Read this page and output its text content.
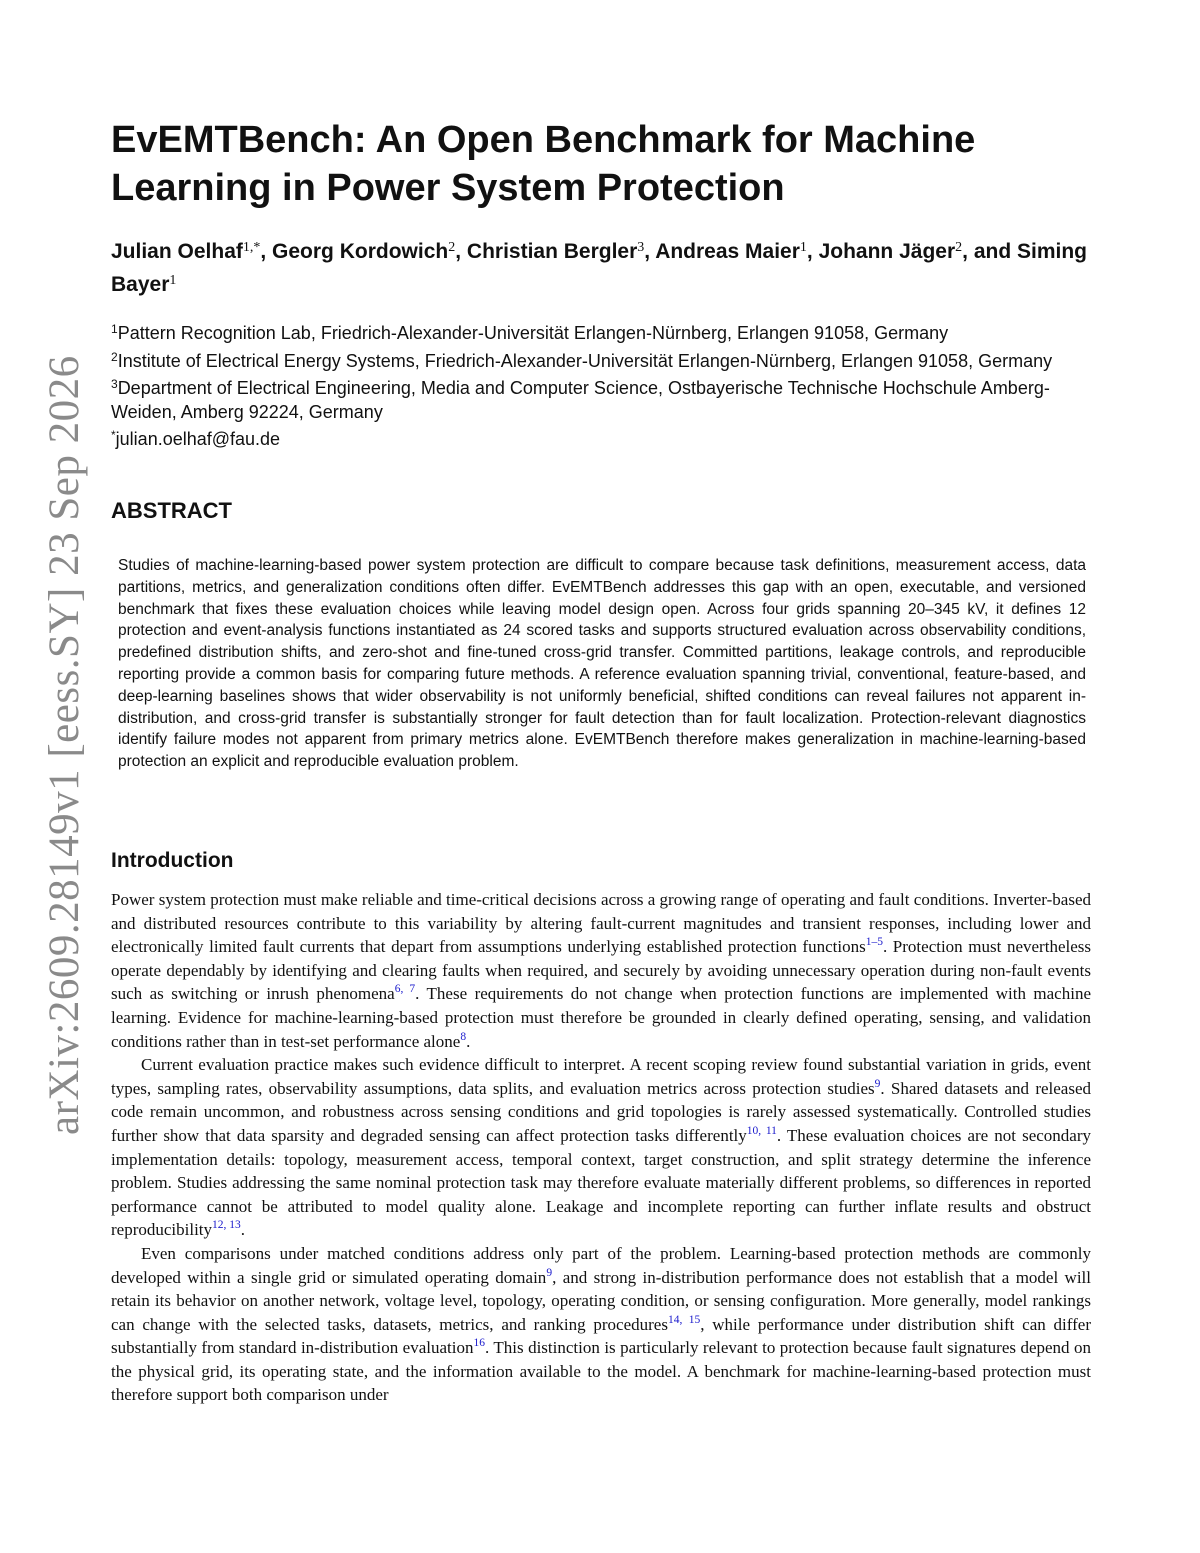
arXiv:2609.28149v1 [eess.SY] 23 Sep 2026
EvEMTBench: An Open Benchmark for Machine Learning in Power System Protection
Julian Oelhaf$^{1,*}$, Georg Kordowich$^2$, Christian Bergler$^3$, Andreas Maier$^1$, Johann Jäger$^2$, and Siming Bayer$^1$
$^1$Pattern Recognition Lab, Friedrich-Alexander-Universität Erlangen-Nürnberg, Erlangen 91058, Germany
$^2$Institute of Electrical Energy Systems, Friedrich-Alexander-Universität Erlangen-Nürnberg, Erlangen 91058, Germany
$^3$Department of Electrical Engineering, Media and Computer Science, Ostbayerische Technische Hochschule Amberg-Weiden, Amberg 92224, Germany
*julian.oelhaf@fau.de
ABSTRACT

Studies of machine-learning-based power system protection are difficult to compare because task definitions, measurement access, data partitions, metrics, and generalization conditions often differ. EvEMTBench addresses this gap with an open, executable, and versioned benchmark that fixes these evaluation choices while leaving model design open. Across four grids spanning 20–345 kV, it defines 12 protection and event-analysis functions instantiated as 24 scored tasks and supports structured evaluation across observability conditions, predefined distribution shifts, and zero-shot and fine-tuned cross-grid transfer. Committed partitions, leakage controls, and reproducible reporting provide a common basis for comparing future methods. A reference evaluation spanning trivial, conventional, feature-based, and deep-learning baselines shows that wider observability is not uniformly beneficial, shifted conditions can reveal failures not apparent in-distribution, and cross-grid transfer is substantially stronger for fault detection than for fault localization. Protection-relevant diagnostics identify failure modes not apparent from primary metrics alone. EvEMTBench therefore makes generalization in machine-learning-based protection an explicit and reproducible evaluation problem.

Introduction

Power system protection must make reliable and time-critical decisions across a growing range of operating and fault conditions. Inverter-based and distributed resources contribute to this variability by altering fault-current magnitudes and transient responses, including lower and electronically limited fault currents that depart from assumptions underlying established protection functions$^{1-5}$. Protection must nevertheless operate dependably by identifying and clearing faults when required, and securely by avoiding unnecessary operation during non-fault events such as switching or inrush phenomena$^{6, 7}$. These requirements do not change when protection functions are implemented with machine learning. Evidence for machine-learning-based protection must therefore be grounded in clearly defined operating, sensing, and validation conditions rather than in test-set performance alone$^8$.

Current evaluation practice makes such evidence difficult to interpret. A recent scoping review found substantial variation in grids, event types, sampling rates, observability assumptions, data splits, and evaluation metrics across protection studies$^9$. Shared datasets and released code remain uncommon, and robustness across sensing conditions and grid topologies is rarely assessed systematically. Controlled studies further show that data sparsity and degraded sensing can affect protection tasks differently$^{10, 11}$. These evaluation choices are not secondary implementation details: topology, measurement access, temporal context, target construction, and split strategy determine the inference problem. Studies addressing the same nominal protection task may therefore evaluate materially different problems, so differences in reported performance cannot be attributed to model quality alone. Leakage and incomplete reporting can further inflate results and obstruct reproducibility$^{12, 13}$.

Even comparisons under matched conditions address only part of the problem. Learning-based protection methods are commonly developed within a single grid or simulated operating domain$^9$, and strong in-distribution performance does not establish that a model will retain its behavior on another network, voltage level, topology, operating condition, or sensing configuration. More generally, model rankings can change with the selected tasks, datasets, metrics, and ranking procedures$^{14, 15}$, while performance under distribution shift can differ substantially from standard in-distribution evaluation$^{16}$. This distinction is particularly relevant to protection because fault signatures depend on the physical grid, its operating state, and the information available to the model. A benchmark for machine-learning-based protection must therefore support both comparison under
